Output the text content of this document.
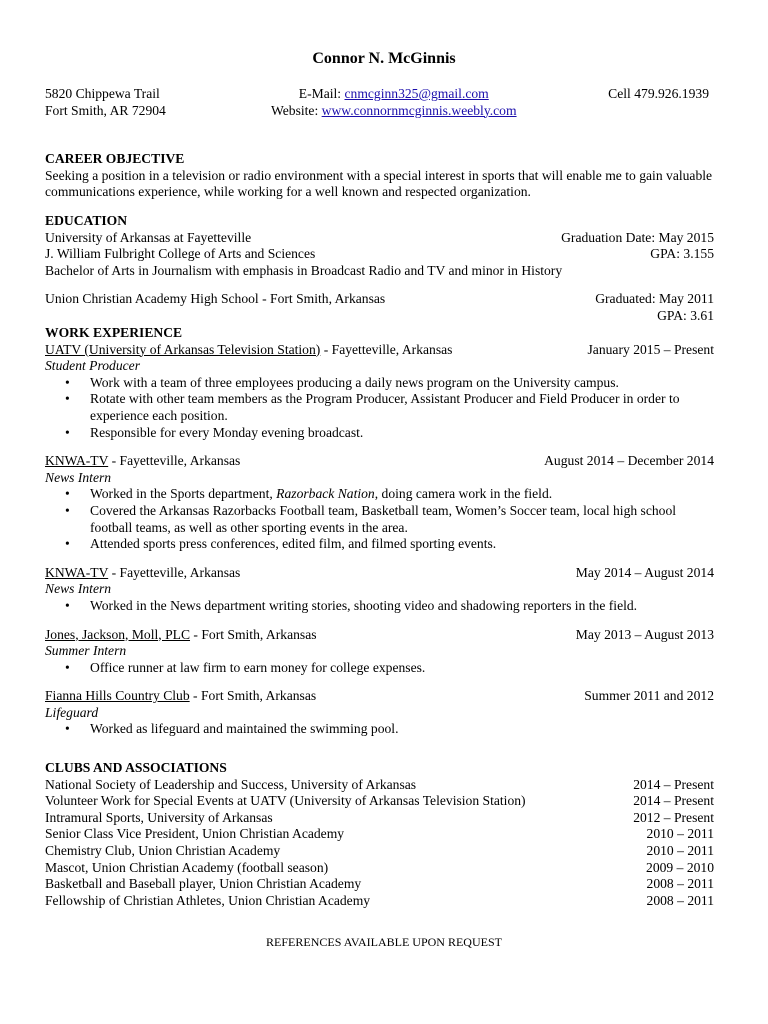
Connor N. McGinnis
5820 Chippewa Trail
Fort Smith, AR 72904
E-Mail: cnmcginn325@gmail.com
Website: www.connornmcginnis.weebly.com
Cell 479.926.1939
CAREER OBJECTIVE
Seeking a position in a television or radio environment with a special interest in sports that will enable me to gain valuable communications experience, while working for a well known and respected organization.
EDUCATION
University of Arkansas at Fayetteville	Graduation Date: May 2015
J. William Fulbright College of Arts and Sciences	GPA: 3.155
Bachelor of Arts in Journalism with emphasis in Broadcast Radio and TV and minor in History
Union Christian Academy High School - Fort Smith, Arkansas	Graduated: May 2011
GPA: 3.61
WORK EXPERIENCE
UATV (University of Arkansas Television Station) - Fayetteville, Arkansas	January 2015 – Present
Student Producer
• Work with a team of three employees producing a daily news program on the University campus.
• Rotate with other team members as the Program Producer, Assistant Producer and Field Producer in order to experience each position.
• Responsible for every Monday evening broadcast.
KNWA-TV - Fayetteville, Arkansas	August 2014 – December 2014
News Intern
• Worked in the Sports department, Razorback Nation, doing camera work in the field.
• Covered the Arkansas Razorbacks Football team, Basketball team, Women’s Soccer team, local high school football teams, as well as other sporting events in the area.
• Attended sports press conferences, edited film, and filmed sporting events.
KNWA-TV - Fayetteville, Arkansas	May 2014 – August 2014
News Intern
• Worked in the News department writing stories, shooting video and shadowing reporters in the field.
Jones, Jackson, Moll, PLC - Fort Smith, Arkansas	May 2013 – August 2013
Summer Intern
• Office runner at law firm to earn money for college expenses.
Fianna Hills Country Club - Fort Smith, Arkansas	Summer 2011 and 2012
Lifeguard
• Worked as lifeguard and maintained the swimming pool.
CLUBS AND ASSOCIATIONS
National Society of Leadership and Success, University of Arkansas	2014 – Present
Volunteer Work for Special Events at UATV (University of Arkansas Television Station)	2014 – Present
Intramural Sports, University of Arkansas	2012 – Present
Senior Class Vice President, Union Christian Academy	2010 – 2011
Chemistry Club, Union Christian Academy	2010 – 2011
Mascot, Union Christian Academy (football season)	2009 – 2010
Basketball and Baseball player, Union Christian Academy	2008 – 2011
Fellowship of Christian Athletes, Union Christian Academy	2008 – 2011
REFERENCES AVAILABLE UPON REQUEST
